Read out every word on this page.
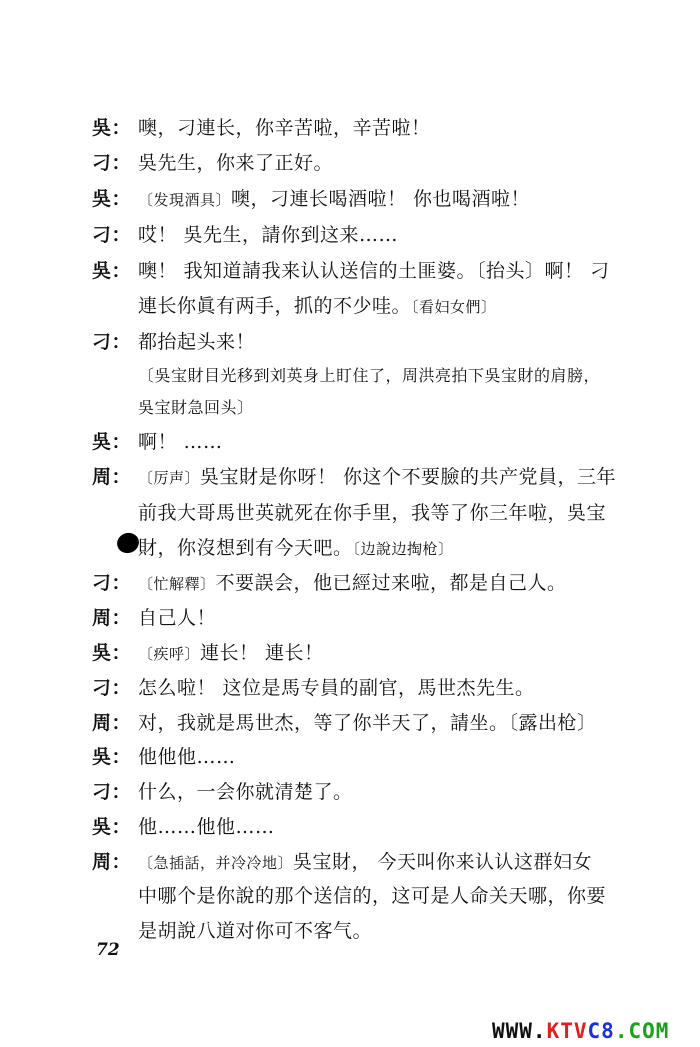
吳： 噢，刁連长，你辛苦啦，辛苦啦！
刁： 吳先生，你来了正好。
吳： 〔发現酒具〕噢，刁連长喝酒啦！ 你也喝酒啦！
刁： 哎！ 吳先生，請你到这来……
吳： 噢！ 我知道請我来认认送信的土匪婆。〔抬头〕啊！ 刁
連长你眞有两手，抓的不少哇。〔看妇女們〕
刁： 都抬起头来！
〔吳宝財目光移到刘英身上盯住了，周洪亮拍下吳宝財的肩膀，
吳宝財急回头〕
吳： 啊！ ……
周： 〔厉声〕吳宝財是你呀！ 你这个不要臉的共产党員，三年
前我大哥馬世英就死在你手里，我等了你三年啦，吳宝
財，你沒想到有今天吧。〔边說边掏枪〕
刁： 〔忙解釋〕不要誤会，他已經过来啦，都是自己人。
周： 自己人！
吳： 〔疾呼〕連长！ 連长！
刁： 怎么啦！ 这位是馬专員的副官，馬世杰先生。
周： 对，我就是馬世杰，等了你半天了，請坐。〔露出枪〕
吳： 他他他……
刁： 什么，一会你就清楚了。
吳： 他……他他……
周： 〔急插話，并冷冷地〕吳宝財， 今天叫你来认认这群妇女
中哪个是你說的那个送信的，这可是人命关天哪，你要
是胡說八道对你可不客气。
72
WWW.KTVC8.COM
